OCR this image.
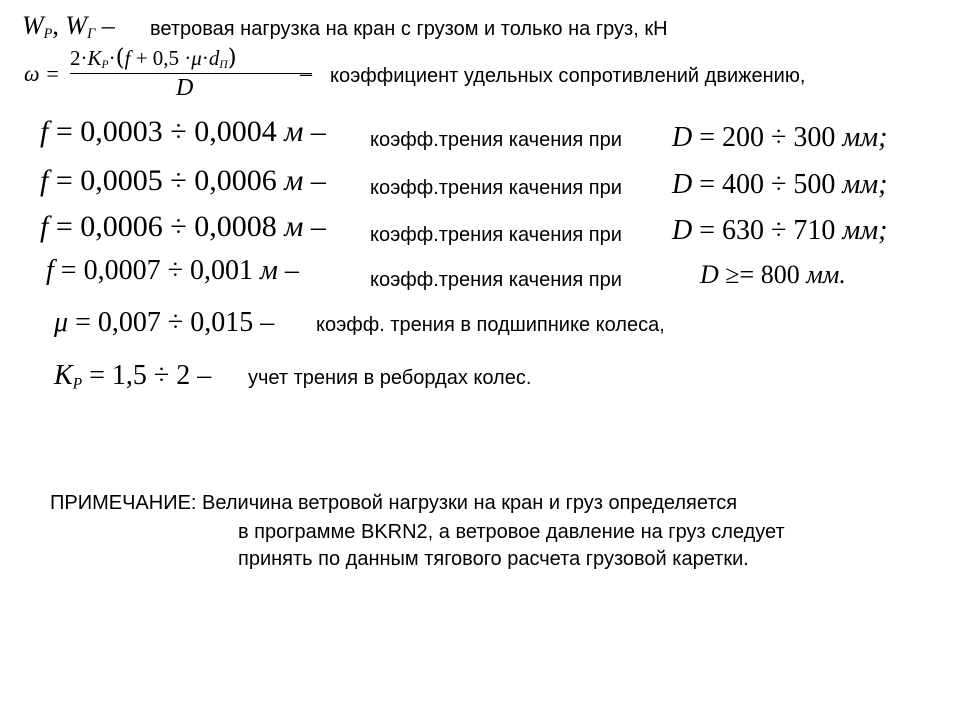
$W_P$, $W_Г$ – ветровая нагрузка на кран с грузом и только на груз, кН
ω =
$2\cdot K_P\cdot(f + 0,5 \cdot\mu\cdot d_П)$
D
– коэффициент удельных сопротивлений движению,
f = 0,0003 ÷ 0,0004 м – коэфф.трения качения при D = 200 ÷ 300 мм;
f = 0,0005 ÷ 0,0006 м – коэфф.трения качения при D = 400 ÷ 500 мм;
f = 0,0006 ÷ 0,0008 м – коэфф.трения качения при D = 630 ÷ 710 мм;
f = 0,0007 ÷ 0,001 м –	коэфф.трения качения при	D ≥= 800 мм.
μ = 0,007 ÷ 0,015 – коэфф. трения в подшипнике колеса,
$K_P = 1,5 \div 2$ – учет трения в ребордах колес.
ПРИМЕЧАНИЕ: Величина ветровой нагрузки на кран и груз определяется
в программе BKRN2, а ветровое давление на груз следует
принять по данным тягового расчета грузовой каретки.
